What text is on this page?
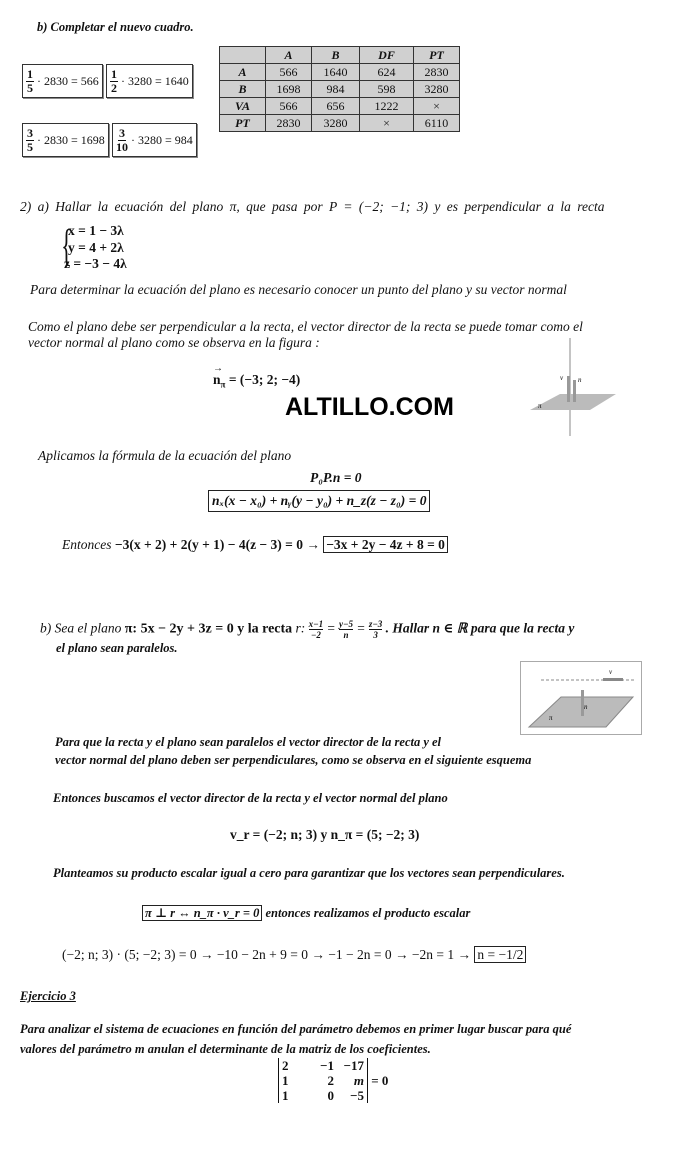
b) Completar el nuevo cuadro.
$\frac{1}{5} \cdot 2830 = 566 \frac{1}{2} \cdot 3280 = 1640$
$\frac{3}{5} \cdot 2830 = 1698 \frac{3}{10} \cdot 3280 = 984$
	A	B	DF	PT
A	566	1640	624	2830
B	1698	984	598	3280
VA	566	656	1222	×
PT	2830	3280	×	6110
2) a) Hallar la ecuación del plano π, que pasa por P = (−2; −1; 3) y es perpendicular a la recta
{
x = 1 − 3λ
y = 4 + 2λ
z = −3 − 4λ
Para determinar la ecuación del plano es necesario conocer un punto del plano y su vector normal
Como el plano debe ser perpendicular a la recta, el vector director de la recta se puede tomar como el
vector normal al plano como se observa en la figura :
→ $n_\pi = (-3$; 2; −4)
ALTILLO.COM
v n
π
Aplicamos la fórmula de la ecuación del plano
P₀P.n = 0
nₓ(x − x₀) + nᵧ(y − y₀) + n_z(z − z₀) = 0
Entonces −3(x + 2) + 2(y + 1) − 4(z − 3) = 0 → −3x + 2y − 4z + 8 = 0
b) Sea el plano π: 5x − 2y + 3z = 0 y la recta r: $\frac{x-1}{-2} = \frac{y-5}{n} = \frac{z-3}{3}$ . Hallar n ∈ ℝ para que la recta y
el plano sean paralelos.
v
n
π
Para que la recta y el plano sean paralelos el vector director de la recta y el
vector normal del plano deben ser perpendiculares, como se observa en el siguiente esquema
Entonces buscamos el vector director de la recta y el vector normal del plano
v_r = (−2; n; 3) y n_π = (5; −2; 3)
Planteamos su producto escalar igual a cero para garantizar que los vectores sean perpendiculares.
π ⊥ r ↔ n_π · v_r = 0 entonces realizamos el producto escalar
(−2; n; 3) · (5; −2; 3) = 0 → −10 − 2n + 9 = 0 → −1 − 2n = 0 → −2n = 1 → n = −1/2
Ejercicio 3
Para analizar el sistema de ecuaciones en función del parámetro debemos en primer lugar buscar para qué
valores del parámetro m anulan el determinante de la matriz de los coeficientes.
2	−1 −17
1	2	m
1	0	−5
= 0
